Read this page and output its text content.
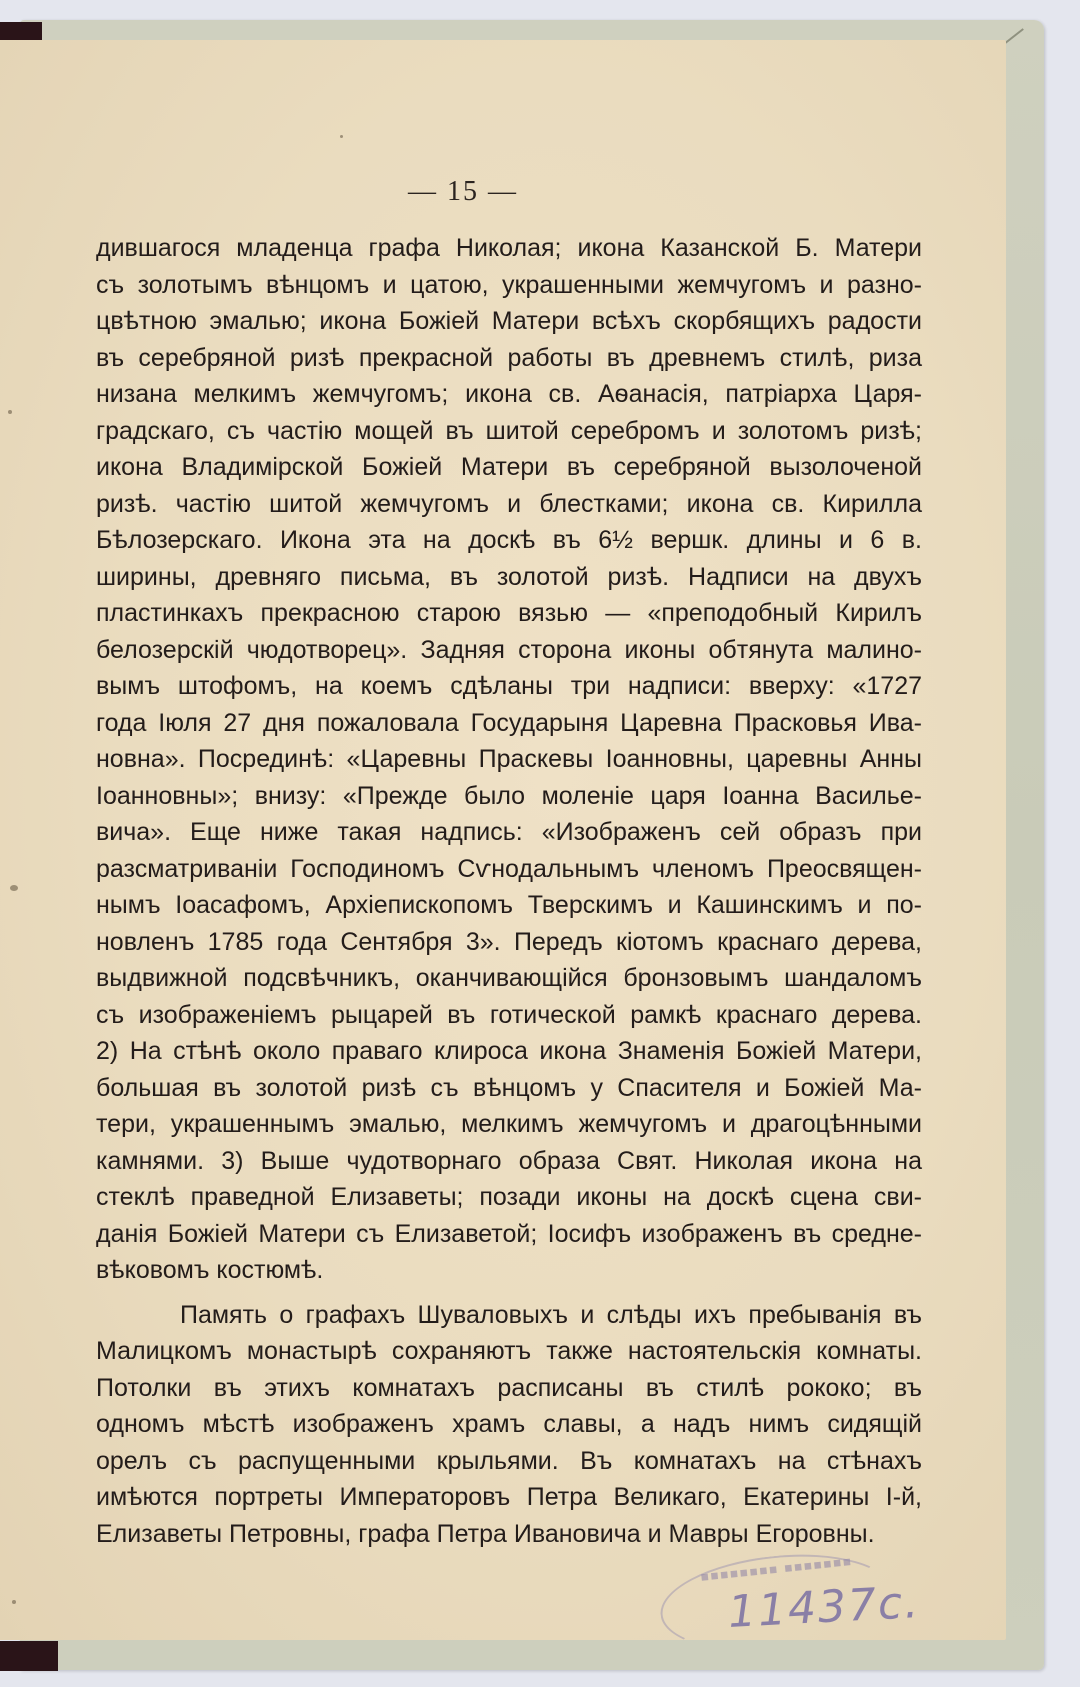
— 15 —
дившагося младенца графа Николая; икона Казанской Б. Матери
съ золотымъ вѣнцомъ и цатою, украшенными жемчугомъ и разно-
цвѣтною эмалью; икона Божіей Матери всѣхъ скорбящихъ радости
въ серебряной ризѣ прекрасной работы въ древнемъ стилѣ, риза
низана мелкимъ жемчугомъ; икона св. Аѳанасія, патріарха Царя-
градскаго, съ частію мощей въ шитой серебромъ и золотомъ ризѣ;
икона Владимірской Божіей Матери въ серебряной вызолоченой
ризѣ. частію шитой жемчугомъ и блестками; икона св. Кирилла
Бѣлозерскаго. Икона эта на доскѣ въ 6½ вершк. длины и 6 в.
ширины, древняго письма, въ золотой ризѣ. Надписи на двухъ
пластинкахъ прекрасною старою вязью — «преподобный Кирилъ
белозерскій чюдотворец». Задняя сторона иконы обтянута малино-
вымъ штофомъ, на коемъ сдѣланы три надписи: вверху: «1727
года Іюля 27 дня пожаловала Государыня Царевна Прасковья Ива-
новна». Посрединѣ: «Царевны Праскевы Іоанновны, царевны Анны
Іоанновны»; внизу: «Прежде было моленіе царя Іоанна Василье-
вича». Еще ниже такая надпись: «Изображенъ сей образъ при
разсматриваніи Господиномъ Сѵнодальнымъ членомъ Преосвящен-
нымъ Іоасафомъ, Архіепископомъ Тверскимъ и Кашинскимъ и по-
новленъ 1785 года Сентября 3». Передъ кіотомъ краснаго дерева,
выдвижной подсвѣчникъ, оканчивающійся бронзовымъ шандаломъ
съ изображеніемъ рыцарей въ готической рамкѣ краснаго дерева.
2) На стѣнѣ около праваго клироса икона Знаменія Божіей Матери,
большая въ золотой ризѣ съ вѣнцомъ у Спасителя и Божіей Ма-
тери, украшеннымъ эмалью, мелкимъ жемчугомъ и драгоцѣнными
камнями. 3) Выше чудотворнаго образа Свят. Николая икона на
стеклѣ праведной Елизаветы; позади иконы на доскѣ сцена сви-
данія Божіей Матери съ Елизаветой; Іосифъ изображенъ въ средне-
вѣковомъ костюмѣ.
Память о графахъ Шуваловыхъ и слѣды ихъ пребыванія въ
Малицкомъ монастырѣ сохраняютъ также настоятельскія комнаты.
Потолки въ этихъ комнатахъ расписаны въ стилѣ рококо; въ
одномъ мѣстѣ изображенъ храмъ славы, а надъ нимъ сидящій
орелъ съ распущенными крыльями. Въ комнатахъ на стѣнахъ
имѣются портреты Императоровъ Петра Великаго, Екатерины I-й,
Елизаветы Петровны, графа Петра Ивановича и Мавры Егоровны.
▪▪▪▪▪▪▪▪ ▪▪▪▪▪▪▪
11437с.
